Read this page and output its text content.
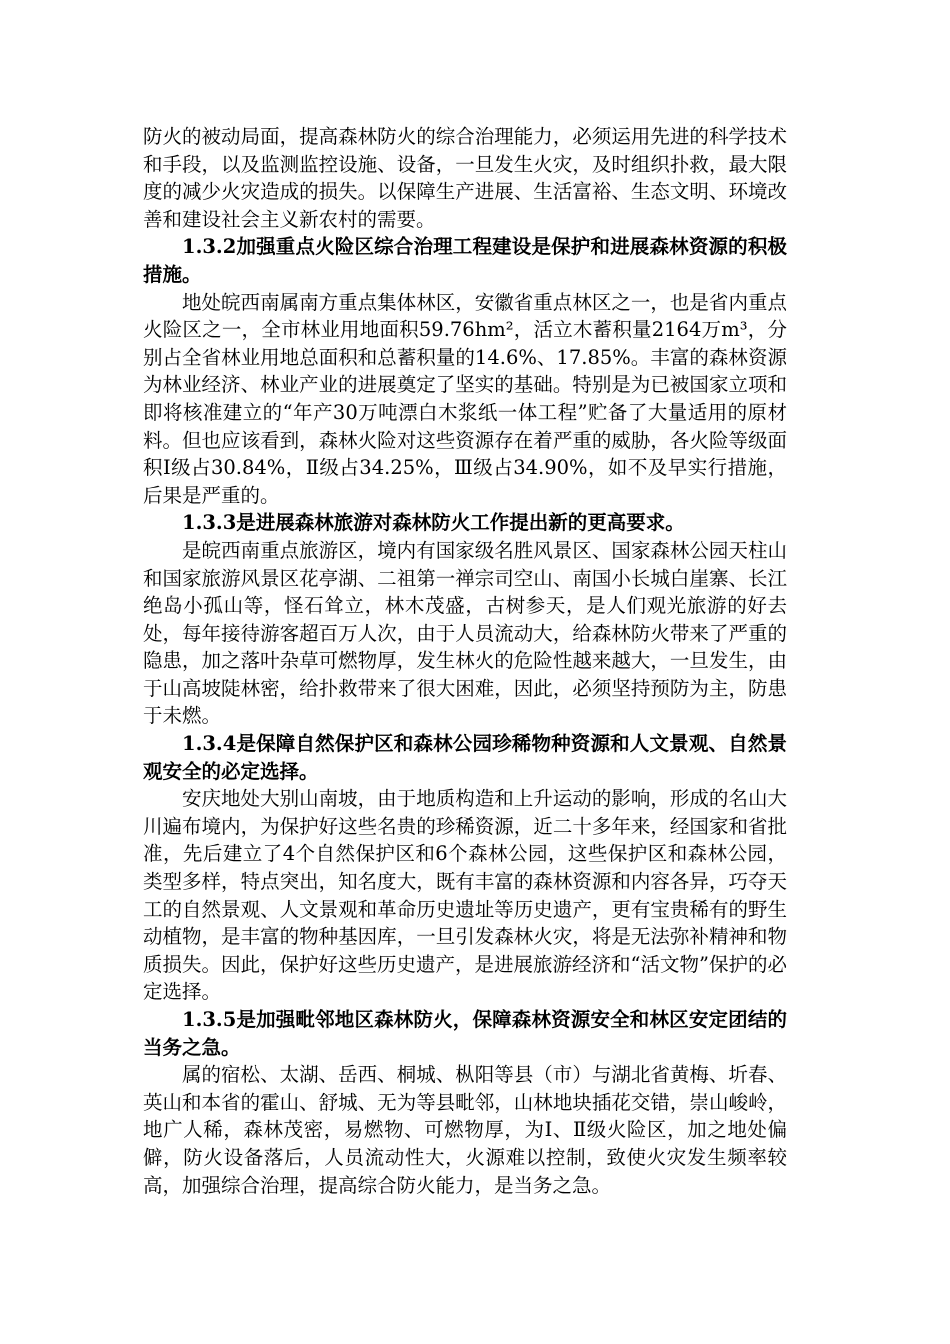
防火的被动局面，提高森林防火的综合治理能力，必须运用先进的科学技术和手段，以及监测监控设施、设备，一旦发生火灾，及时组织扑救，最大限度的减少火灾造成的损失。以保障生产进展、生活富裕、生态文明、环境改善和建设社会主义新农村的需要。

1.3.2加强重点火险区综合治理工程建设是保护和进展森林资源的积极措施。

地处皖西南属南方重点集体林区，安徽省重点林区之一，也是省内重点火险区之一，全市林业用地面积59.76hm²，活立木蓄积量2164万m³，分别占全省林业用地总面积和总蓄积量的14.6%、17.85%。丰富的森林资源为林业经济、林业产业的进展奠定了坚实的基础。特别是为已被国家立项和即将核准建立的“年产30万吨漂白木浆纸一体工程”贮备了大量适用的原材料。但也应该看到，森林火险对这些资源存在着严重的威胁，各火险等级面积Ⅰ级占30.84%，Ⅱ级占34.25%，Ⅲ级占34.90%，如不及早实行措施，后果是严重的。

1.3.3是进展森林旅游对森林防火工作提出新的更高要求。

是皖西南重点旅游区，境内有国家级名胜风景区、国家森林公园天柱山和国家旅游风景区花亭湖、二祖第一禅宗司空山、南国小长城白崖寨、长江绝岛小孤山等，怪石耸立，林木茂盛，古树参天，是人们观光旅游的好去处，每年接待游客超百万人次，由于人员流动大，给森林防火带来了严重的隐患，加之落叶杂草可燃物厚，发生林火的危险性越来越大，一旦发生，由于山高坡陡林密，给扑救带来了很大困难，因此，必须坚持预防为主，防患于未燃。

1.3.4是保障自然保护区和森林公园珍稀物种资源和人文景观、自然景观安全的必定选择。

安庆地处大别山南坡，由于地质构造和上升运动的影响，形成的名山大川遍布境内，为保护好这些名贵的珍稀资源，近二十多年来，经国家和省批准，先后建立了4个自然保护区和6个森林公园，这些保护区和森林公园，类型多样，特点突出，知名度大，既有丰富的森林资源和内容各异，巧夺天工的自然景观、人文景观和革命历史遗址等历史遗产，更有宝贵稀有的野生动植物，是丰富的物种基因库，一旦引发森林火灾，将是无法弥补精神和物质损失。因此，保护好这些历史遗产，是进展旅游经济和“活文物”保护的必定选择。

1.3.5是加强毗邻地区森林防火，保障森林资源安全和林区安定团结的当务之急。

属的宿松、太湖、岳西、桐城、枞阳等县（市）与湖北省黄梅、圻春、英山和本省的霍山、舒城、无为等县毗邻，山林地块插花交错，崇山峻岭，地广人稀，森林茂密，易燃物、可燃物厚，为Ⅰ、Ⅱ级火险区，加之地处偏僻，防火设备落后，人员流动性大，火源难以控制，致使火灾发生频率较高，加强综合治理，提高综合防火能力，是当务之急。
